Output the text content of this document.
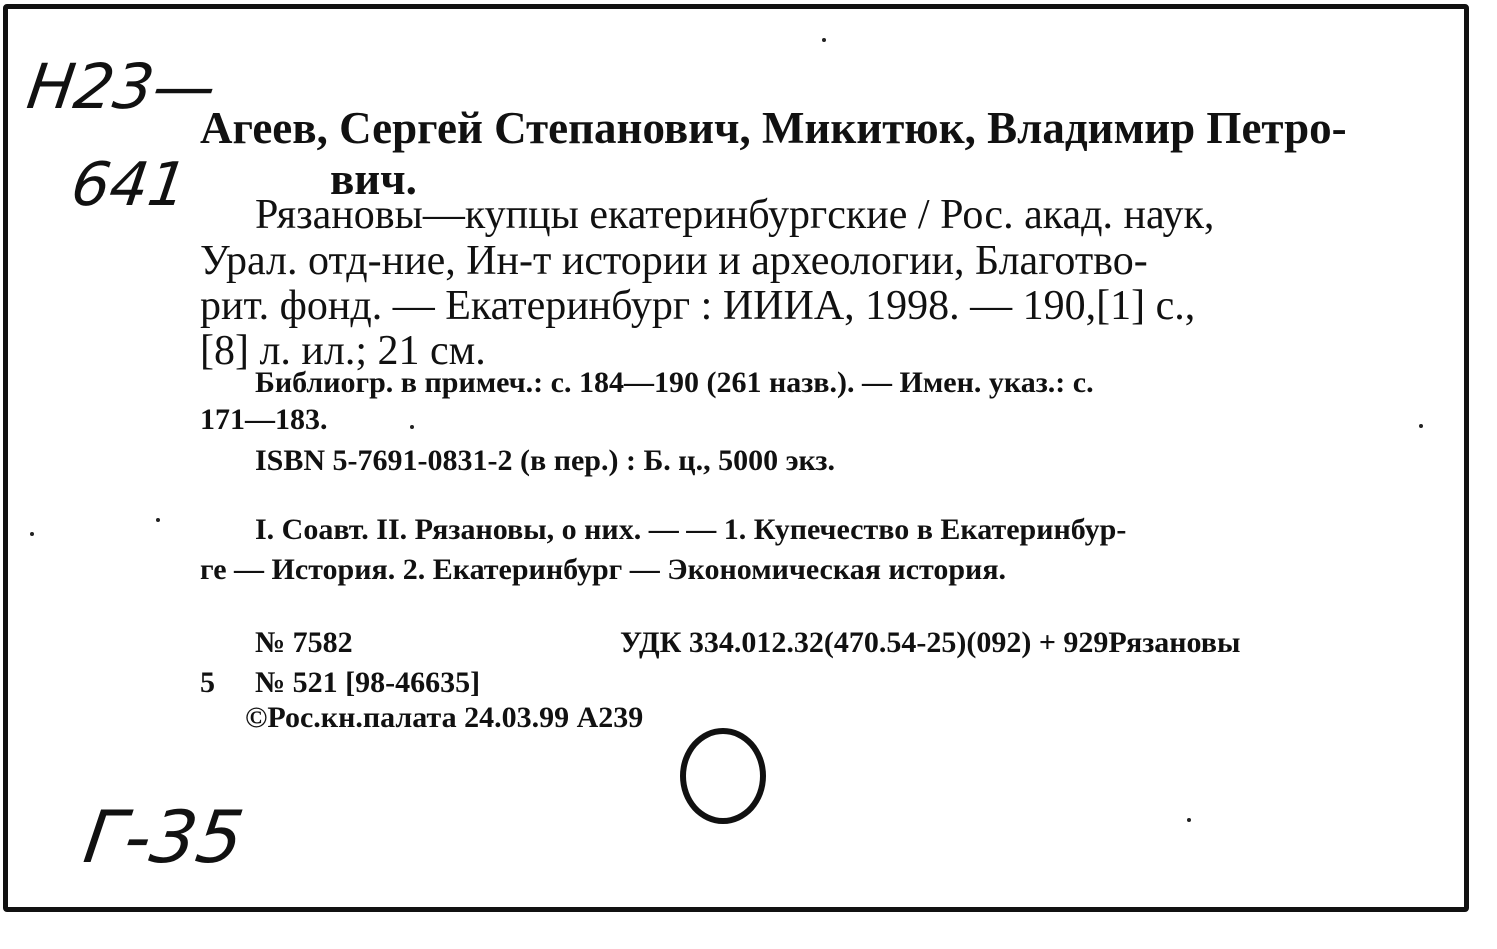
Н23—
641
Г-35
Агеев, Сергей Степанович, Микитюк, Владимир Петро-
вич.
Рязановы—купцы екатеринбургские / Рос. акад. наук,
Урал. отд-ние, Ин-т истории и археологии, Благотво-
рит. фонд. — Екатеринбург : ИИИА, 1998. — 190,[1] с.,
[8] л. ил.; 21 см.
Библиогр. в примеч.: с. 184—190 (261 назв.). — Имен. указ.: с.
171—183.
ISBN 5-7691-0831-2 (в пер.) : Б. ц., 5000 экз.
I. Соавт. II. Рязановы, о них. — — 1. Купечество в Екатеринбур-
ге — История. 2. Екатеринбург — Экономическая история.
№ 7582	УДК 334.012.32(470.54-25)(092) + 929Рязановы
5 № 521 [98-46635]
©Рос.кн.палата 24.03.99 А239
